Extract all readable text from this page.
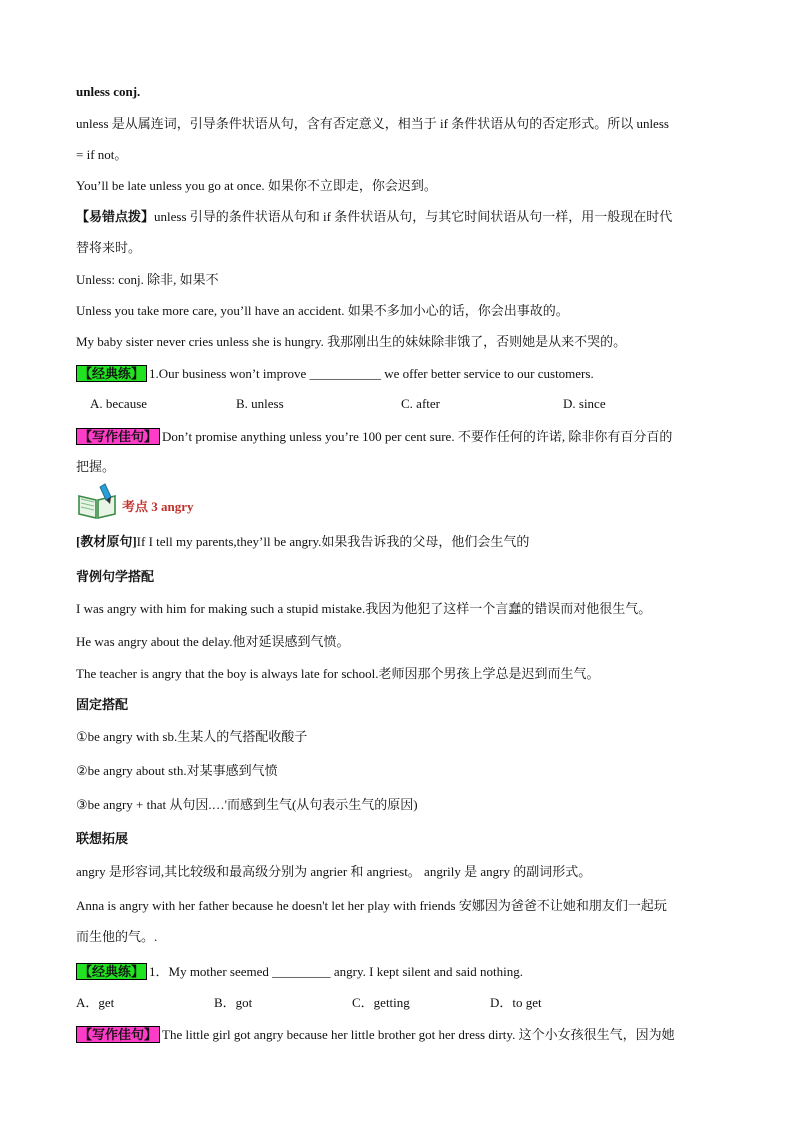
unless conj.
unless 是从属连词，引导条件状语从句，含有否定意义，相当于 if 条件状语从句的否定形式。所以 unless
= if not。
You’ll be late unless you go at once. 如果你不立即走，你会迟到。
【易错点拨】unless 引导的条件状语从句和 if 条件状语从句，与其它时间状语从句一样，用一般现在时代
替将来时。
Unless: conj. 除非, 如果不
Unless you take more care, you’ll have an accident. 如果不多加小心的话，你会出事故的。
My baby sister never cries unless she is hungry. 我那刚出生的妹妹除非饿了，否则她是从来不哭的。
【经典练】 1.Our business won’t improve ___________ we offer better service to our customers.
A. because	B. unless	C. after	D. since
【写作佳句】 Don’t promise anything unless you’re 100 per cent sure. 不要作任何的许诺, 除非你有百分百的
把握。
考点 3 angry
[教材原句]If I tell my parents,they’ll be angry.如果我告诉我的父母，他们会生气的
背例句学搭配
I was angry with him for making such a stupid mistake.我因为他犯了这样一个言蠢的错误而对他很生气。
He was angry about the delay.他对延误感到气愤。
The teacher is angry that the boy is always late for school.老师因那个男孩上学总是迟到而生气。
固定搭配
①be angry with sb.生某人的气搭配收酸子
②be angry about sth.对某事感到气愤
③be angry + that 从句因.…'而感到生气(从句表示生气的原因)
联想拓展
angry 是形容词,其比较级和最高级分别为 angrier 和 angriest。 angrily 是 angry 的副词形式。
Anna is angry with her father because he doesn't let her play with friends 安娜因为爸爸不让她和朋友们一起玩
而生他的气。.
【经典练】 1．My mother seemed _________ angry. I kept silent and said nothing.
A．get	B．got	C．getting	D．to get
【写作佳句】 The little girl got angry because her little brother got her dress dirty. 这个小女孩很生气，因为她
